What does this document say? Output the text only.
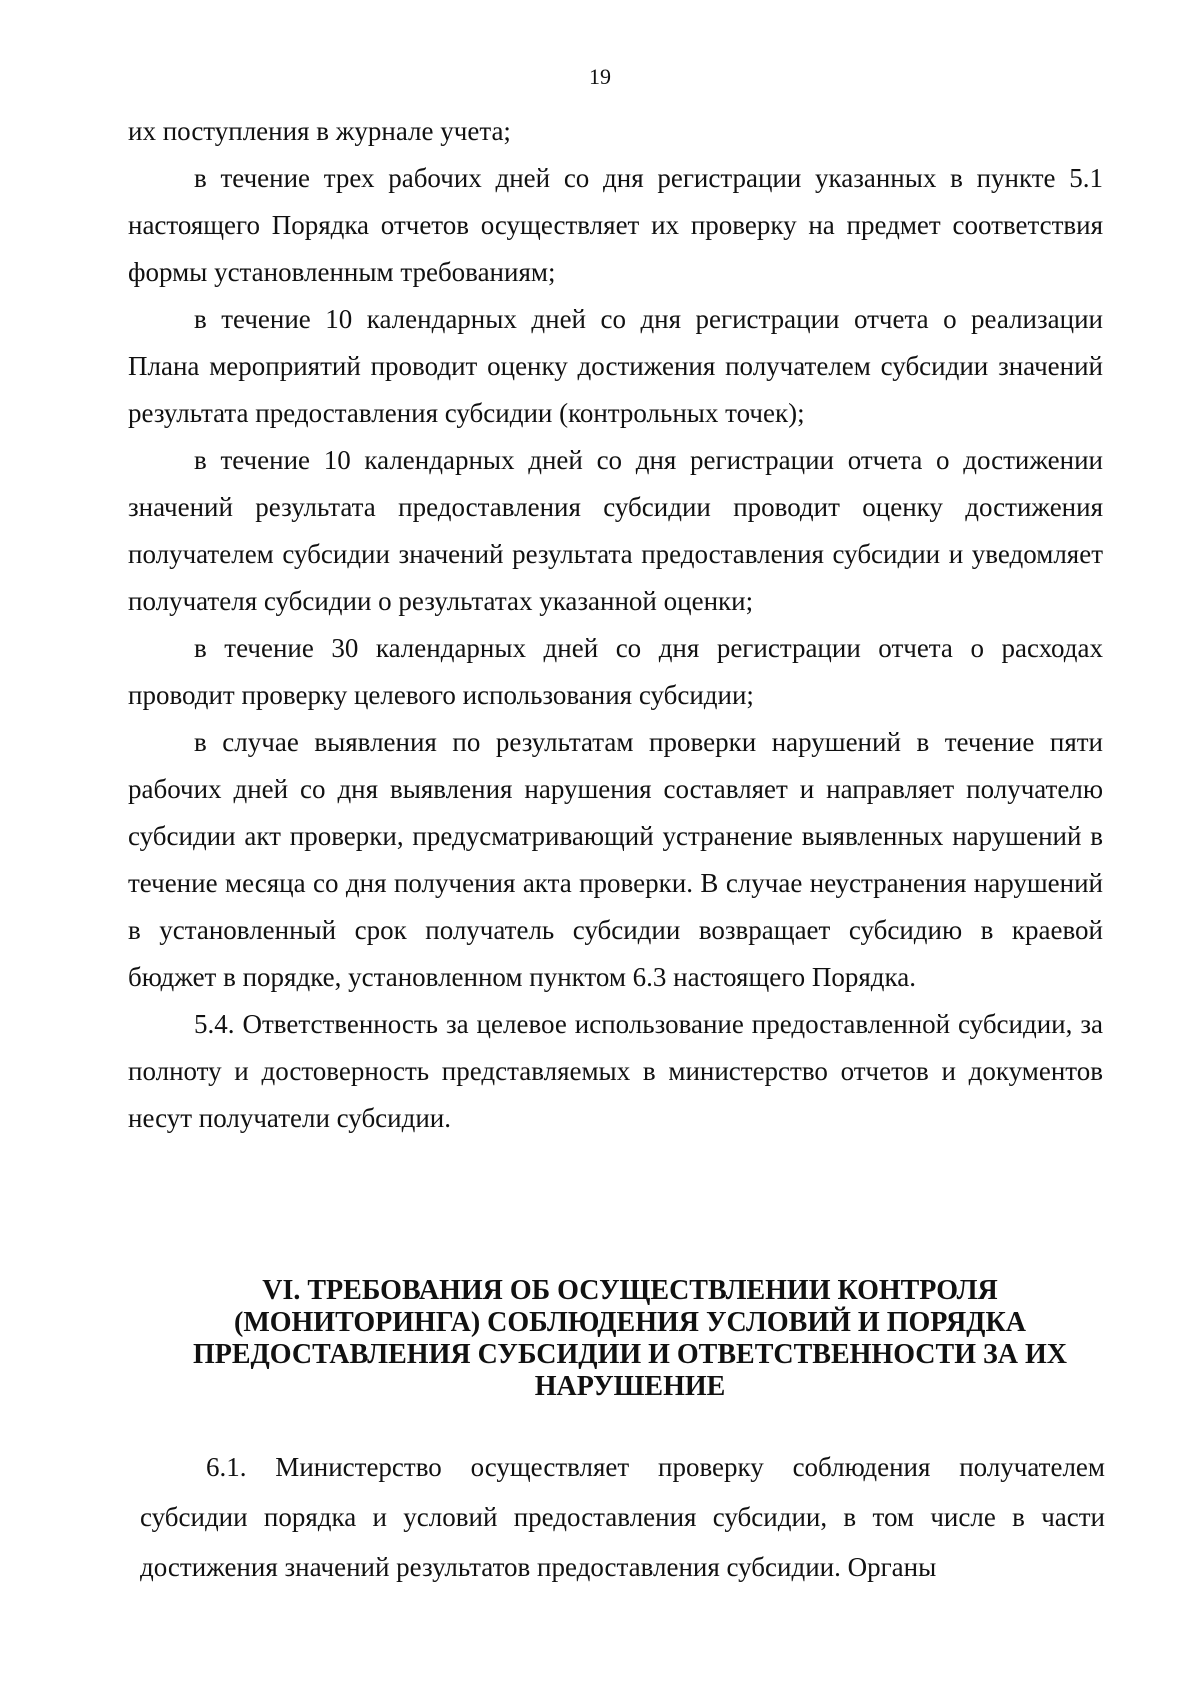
19

их поступления в журнале учета;

в течение трех рабочих дней со дня регистрации указанных в пункте 5.1 настоящего Порядка отчетов осуществляет их проверку на предмет соответствия формы установленным требованиям;

в течение 10 календарных дней со дня регистрации отчета о реализации Плана мероприятий проводит оценку достижения получателем субсидии значений результата предоставления субсидии (контрольных точек);

в течение 10 календарных дней со дня регистрации отчета о достижении значений результата предоставления субсидии проводит оценку достижения получателем субсидии значений результата предоставления субсидии и уведомляет получателя субсидии о результатах указанной оценки;

в течение 30 календарных дней со дня регистрации отчета о расходах проводит проверку целевого использования субсидии;

в случае выявления по результатам проверки нарушений в течение пяти рабочих дней со дня выявления нарушения составляет и направляет получателю субсидии акт проверки, предусматривающий устранение выявленных нарушений в течение месяца со дня получения акта проверки. В случае неустранения нарушений в установленный срок получатель субсидии возвращает субсидию в краевой бюджет в порядке, установленном пунктом 6.3 настоящего Порядка.

5.4. Ответственность за целевое использование предоставленной субсидии, за полноту и достоверность представляемых в министерство отчетов и документов несут получатели субсидии.

VI. ТРЕБОВАНИЯ ОБ ОСУЩЕСТВЛЕНИИ КОНТРОЛЯ (МОНИТОРИНГА) СОБЛЮДЕНИЯ УСЛОВИЙ И ПОРЯДКА ПРЕДОСТАВЛЕНИЯ СУБСИДИИ И ОТВЕТСТВЕННОСТИ ЗА ИХ НАРУШЕНИЕ

6.1. Министерство осуществляет проверку соблюдения получателем субсидии порядка и условий предоставления субсидии, в том числе в части достижения значений результатов предоставления субсидии. Органы
